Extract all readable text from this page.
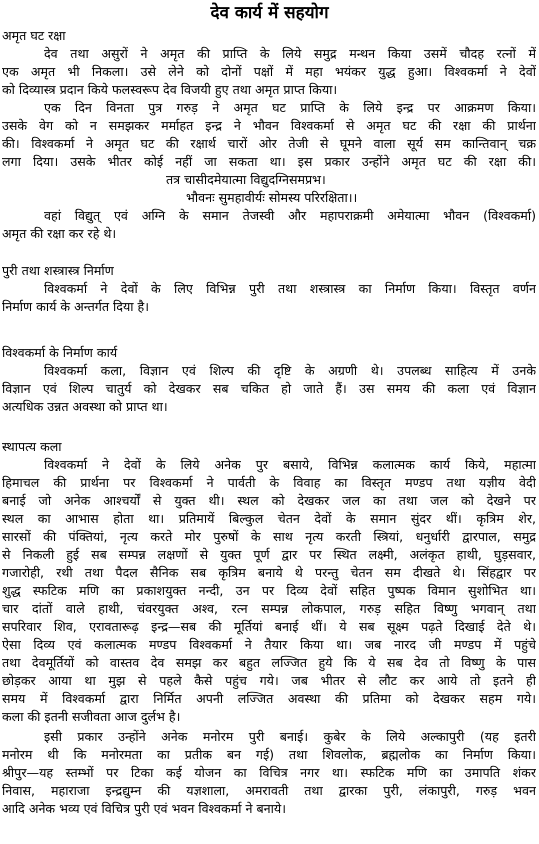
देव कार्य में सहयोग
अमृत घट रक्षा
देव तथा असुरों ने अमृत की प्राप्ति के लिये समुद्र मन्थन किया उसमें चौदह रत्नों में
एक अमृत भी निकला। उसे लेने को दोनों पक्षों में महा भयंकर युद्ध हुआ। विश्वकर्मा ने देवों
को दिव्यास्त्र प्रदान किये फलस्वरूप देव विजयी हुए तथा अमृत प्राप्त किया।
एक दिन विनता पुत्र गरुड़ ने अमृत घट प्राप्ति के लिये इन्द्र पर आक्रमण किया।
उसके वेग को न समझकर मर्माहत इन्द्र ने भौवन विश्वकर्मा से अमृत घट की रक्षा की प्रार्थना
की। विश्वकर्मा ने अमृत घट की रक्षार्थ चारों ओर तेजी से घूमने वाला सूर्य सम कान्तिवान् चक्र
लगा दिया। उसके भीतर कोई नहीं जा सकता था। इस प्रकार उन्होंने अमृत घट की रक्षा की।
तत्र चासीदमेयात्मा विद्युदग्निसमप्रभ।
भौवनः सुमहावीर्यः सोमस्य परिरक्षिता।।
वहां विद्युत् एवं अग्नि के समान तेजस्वी और महापराक्रमी अमेयात्मा भौवन (विश्वकर्मा)
अमृत की रक्षा कर रहे थे।
पुरी तथा शस्त्रास्त्र निर्माण
विश्वकर्मा ने देवों के लिए विभिन्न पुरी तथा शस्त्रास्त्र का निर्माण किया। विस्तृत वर्णन
निर्माण कार्य के अन्तर्गत दिया है।
विश्वकर्मा के निर्माण कार्य
विश्वकर्मा कला, विज्ञान एवं शिल्प की दृष्टि के अग्रणी थे। उपलब्ध साहित्य में उनके
विज्ञान एवं शिल्प चातुर्य को देखकर सब चकित हो जाते हैं। उस समय की कला एवं विज्ञान
अत्यधिक उन्नत अवस्था को प्राप्त था।
स्थापत्य कला
विश्वकर्मा ने देवों के लिये अनेक पुर बसाये, विभिन्न कलात्मक कार्य किये, महात्मा
हिमाचल की प्रार्थना पर विश्वकर्मा ने पार्वती के विवाह का विस्तृत मण्डप तथा यज्ञीय वेदी
बनाई जो अनेक आश्चर्यों से युक्त थी। स्थल को देखकर जल का तथा जल को देखने पर
स्थल का आभास होता था। प्रतिमायें बिल्कुल चेतन देवों के समान सुंदर थीं। कृत्रिम शेर,
सारसों की पंक्तियां, नृत्य करते मोर पुरुषों के साथ नृत्य करती स्त्रियां, धनुर्धारी द्वारपाल, समुद्र
से निकली हुई सब सम्पन्न लक्षणों से युक्त पूर्ण द्वार पर स्थित लक्ष्मी, अलंकृत हाथी, घुड़सवार,
गजारोही, रथी तथा पैदल सैनिक सब कृत्रिम बनाये थे परन्तु चेतन सम दीखते थे। सिंहद्वार पर
शुद्ध स्फटिक मणि का प्रकाशयुक्त नन्दी, उन पर दिव्य देवों सहित पुष्पक विमान सुशोभित था।
चार दांतों वाले हाथी, चंवरयुक्त अश्व, रत्न सम्पन्न लोकपाल, गरुड़ सहित विष्णु भगवान् तथा
सपरिवार शिव, एरावतारूढ़ इन्द्र—सब की मूर्तियां बनाई थीं। ये सब सूक्ष्म पढ़ते दिखाई देते थे।
ऐसा दिव्य एवं कलात्मक मण्डप विश्वकर्मा ने तैयार किया था। जब नारद जी मण्डप में पहुंचे
तथा देवमूर्तियों को वास्तव देव समझ कर बहुत लज्जित हुये कि ये सब देव तो विष्णु के पास
छोड़कर आया था मुझ से पहले कैसे पहुंच गये। जब भीतर से लौट कर आये तो इतने ही
समय में विश्वकर्मा द्वारा निर्मित अपनी लज्जित अवस्था की प्रतिमा को देखकर सहम गये।
कला की इतनी सजीवता आज दुर्लभ है।
इसी प्रकार उन्होंने अनेक मनोरम पुरी बनाई। कुबेर के लिये अल्कापुरी (यह इतरी
मनोरम थी कि मनोरमता का प्रतीक बन गई) तथा शिवलोक, ब्रह्मलोक का निर्माण किया।
श्रीपुर—यह स्तम्भों पर टिका कई योजन का विचित्र नगर था। स्फटिक मणि का उमापति शंकर
निवास, महाराजा इन्द्रद्युम्न की यज्ञशाला, अमरावती तथा द्वारका पुरी, लंकापुरी, गरुड़ भवन
आदि अनेक भव्य एवं विचित्र पुरी एवं भवन विश्वकर्मा ने बनाये।
